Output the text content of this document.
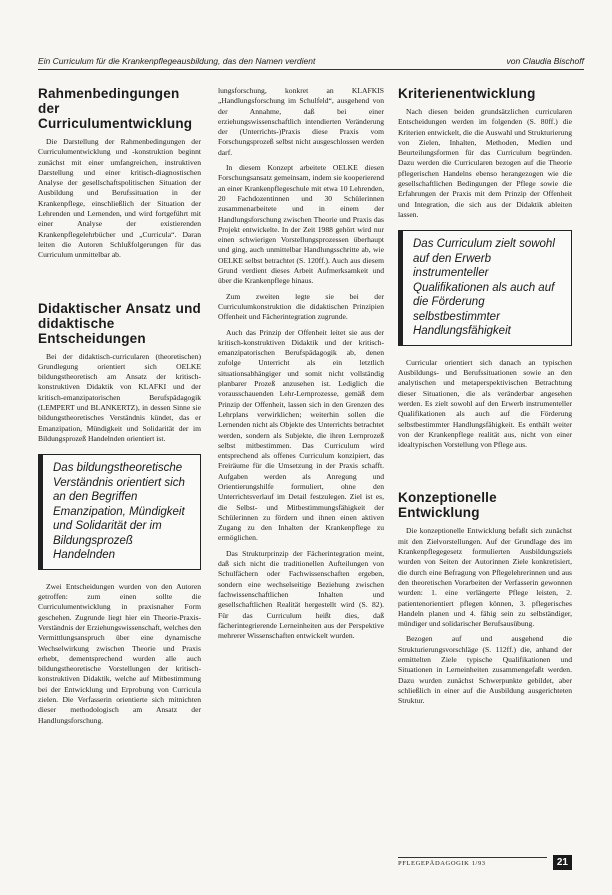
Ein Curriculum für die Krankenpflegeausbildung, das den Namen verdient	von Claudia Bischoff
Rahmenbedingungen der Curriculumentwicklung

Die Darstellung der Rahmenbedingungen der Curriculumentwicklung und -konstruktion beginnt zunächst mit einer umfangreichen, instruktiven Darstellung und einer kritisch-diagnostischen Analyse der gesellschaftspolitischen Situation der Ausbildung und Berufssituation in der Krankenpflege, einschließlich der Situation der Lehrenden und Lernenden, und wird fortgeführt mit einer Analyse der existierenden Krankenpflegelehrbücher und „Curricula“. Daran leiten die Autoren Schlußfolgerungen für das Curriculum unmittelbar ab.

Didaktischer Ansatz und didaktische Entscheidungen

Bei der didaktisch-curricularen (theoretischen) Grundlegung orientiert sich OELKE bildungstheoretisch am Ansatz der kritisch-konstruktiven Didaktik von KLAFKI und der kritisch-emanzipatorischen Berufspädagogik (LEMPERT und BLANKERTZ), in dessen Sinne sie bildungstheoretisches Verständnis kündet, das er Emanzipation, Mündigkeit und Solidarität der im Bildungsprozeß Handelnden orientiert ist.

Das bildungstheoretische Verständnis orientiert sich an den Begriffen Emanzipation, Mündigkeit und Solidarität der im Bildungsprozeß Handelnden

Zwei Entscheidungen wurden von den Autoren getroffen: zum einen sollte die Curriculumentwicklung in praxisnaher Form geschehen. Zugrunde liegt hier ein Theorie-Praxis-Verständnis der Erziehungswissenschaft, welches den Vermittlungsanspruch über eine dynamische Wechselwirkung zwischen Theorie und Praxis erhebt, dementsprechend wurden alle auch bildungstheoretische Vorstellungen der kritisch-konstruktiven Didaktik, welche auf Mitbestimmung bei der Entwicklung und Erprobung von Curricula zielen. Die Verfasserin orientierte sich mitnichten dieser methodologisch am Ansatz der Handlungsforschung.

lungsforschung, konkret an KLAFKIS „Handlungsforschung im Schulfeld“, ausgehend von der Annahme, daß bei einer erziehungswissenschaftlich intendierten Veränderung der (Unterrichts-)Praxis diese Praxis vom Forschungsprozeß selbst nicht ausgeschlossen werden darf.

In diesem Konzept arbeitete OELKE diesen Forschungsansatz gemeinsam, indem sie kooperierend an einer Krankenpflegeschule mit etwa 10 Lehrenden, 20 Fachdozentinnen und 30 Schülerinnen zusammenarbeitete und in einem der Handlungsforschung zwischen Theorie und Praxis das Projekt entwickelte. In der Zeit 1988 gehört wird nur einen schwierigen Vorstellungsprozessen überhaupt und ging, auch unmittelbar Handlungsschritte ab, wie OELKE selbst betrachtet (S. 120ff.). Auch aus diesem Grund verdient dieses Arbeit Aufmerksamkeit und über die Krankenpflege hinaus.

Zum zweiten legte sie bei der Curriculumkonstruktion die didaktischen Prinzipien Offenheit und Fächerintegration zugrunde.

Auch das Prinzip der Offenheit leitet sie aus der kritisch-konstruktiven Didaktik und der kritisch-emanzipatorischen Berufspädagogik ab, denen zufolge Unterricht als ein letztlich situationsabhängiger und somit nicht vollständig planbarer Prozeß anzusehen ist. Lediglich die vorausschauenden Lehr-Lernprozesse, gemäß dem Prinzip der Offenheit, lassen sich in den Grenzen des Lehrplans verwirklichen; weiterhin sollen die Lernenden nicht als Objekte des Unterrichts betrachtet werden, sondern als Subjekte, die ihren Lernprozeß selbst mitbestimmen. Das Curriculum wird entsprechend als offenes Curriculum konzipiert, das Freiräume für die Umsetzung in der Praxis schafft. Aufgaben werden als Anregung und Orientierungshilfe formuliert, ohne den Unterrichtsverlauf im Detail festzulegen. Ziel ist es, die Selbst- und Mitbestimmungsfähigkeit der Schülerinnen zu fördern und ihnen einen aktiven Zugang zu den Inhalten der Krankenpflege zu ermöglichen.

Das Strukturprinzip der Fächerintegration meint, daß sich nicht die traditionellen Aufteilungen von Schulfächern oder Fachwissenschaften ergeben, sondern eine wechselseitige Beziehung zwischen fachwissenschaftlichen Inhalten und gesellschaftlichen Realität hergestellt wird (S. 82). Für das Curriculum heißt dies, daß fächerintegrierende Lerneinheiten aus der Perspektive mehrerer Wissenschaften entwickelt wurden.

Kriterienentwicklung

Nach diesen beiden grundsätzlichen curricularen Entscheidungen werden im folgenden (S. 80ff.) die Kriterien entwickelt, die die Auswahl und Strukturierung von Zielen, Inhalten, Methoden, Medien und Beurteilungsformen für das Curriculum begründen. Dazu werden die Curricularen bezogen auf die Theorie pflegerischen Handelns ebenso herangezogen wie die gesellschaftlichen Bedingungen der Pflege sowie die Erfahrungen der Praxis mit dem Prinzip der Offenheit und Integration, die sich aus der Didaktik ableiten lassen.

Das Curriculum zielt sowohl auf den Erwerb instrumenteller Qualifikationen als auch auf die Förderung selbstbestimmter Handlungsfähigkeit

Curricular orientiert sich danach an typischen Ausbildungs- und Berufssituationen sowie an den analytischen und metaperspektivischen Betrachtung dieser Situationen, die als veränderbar angesehen werden. Es zielt sowohl auf den Erwerb instrumenteller Qualifikationen als auch auf die Förderung selbstbestimmter Handlungsfähigkeit. Es enthält weiter von der Krankenpflege realität aus, nicht von einer idealtypischen Vorstellung von Pflege aus.

Konzeptionelle Entwicklung

Die konzeptionelle Entwicklung befaßt sich zunächst mit den Zielvorstellungen. Auf der Grundlage des im Krankenpflegegesetz formulierten Ausbildungsziels wurden von Seiten der Autorinnen Ziele konkretisiert, die durch eine Befragung von Pflegelehrerinnen und aus den theoretischen Vorarbeiten der Verfasserin gewonnen wurden: 1. eine verlängerte Pflege leisten, 2. patientenorientiert pflegen können, 3. pflegerisches Handeln planen und 4. fähig sein zu selbständiger, mündiger und solidarischer Berufsausübung.

Bezogen auf und ausgehend die Strukturierungsvorschläge (S. 112ff.) die, anhand der ermittelten Ziele typische Qualifikationen und Situationen in Lerneinheiten zusammengefaßt werden. Dazu wurden zunächst Schwerpunkte gebildet, aber schließlich in einer auf die Ausbildung ausgerichteten Struktur.

PFLEGEPÄDAGOGIK 1/93	21
